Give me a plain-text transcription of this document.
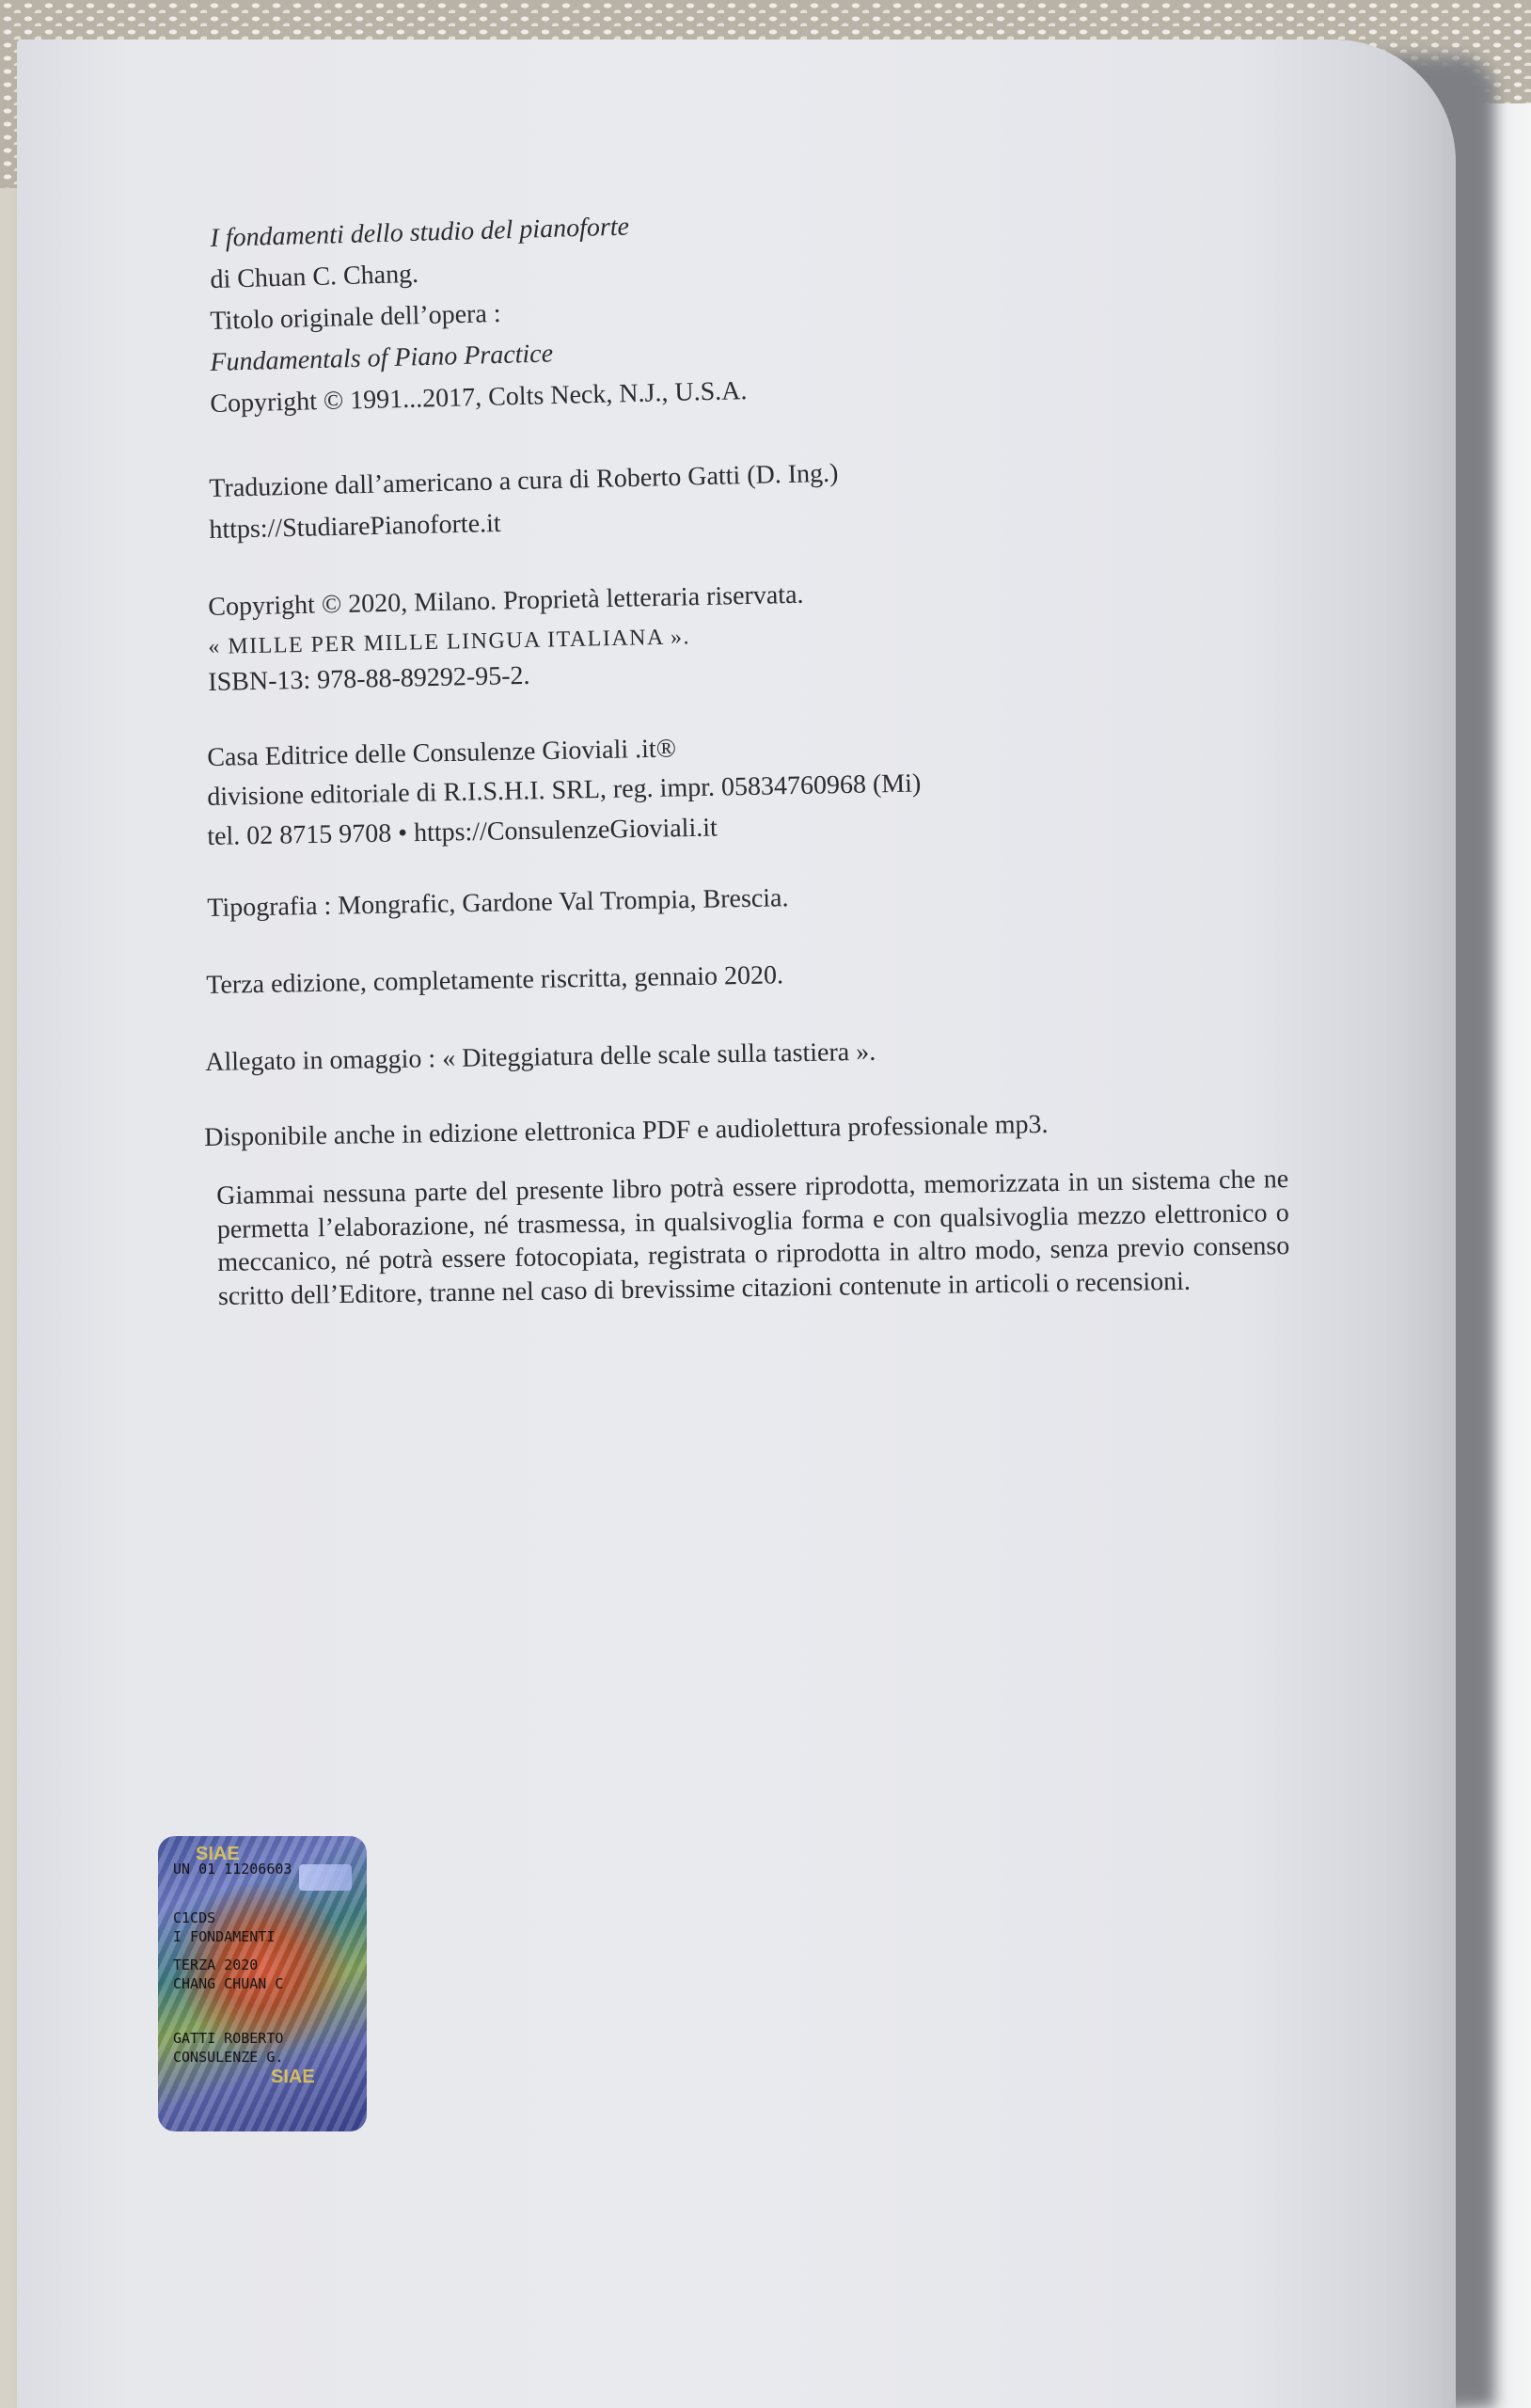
I fondamenti dello studio del pianoforte
di Chuan C. Chang.
Titolo originale dell’opera :
Fundamentals of Piano Practice
Copyright © 1991...2017, Colts Neck, N.J., U.S.A.
Traduzione dall’americano a cura di Roberto Gatti (D. Ing.)
https://StudiarePianoforte.it
Copyright © 2020, Milano. Proprietà letteraria riservata.
« MILLE PER MILLE LINGUA ITALIANA ».
ISBN-13: 978-88-89292-95-2.
Casa Editrice delle Consulenze Gioviali .it®
divisione editoriale di R.I.S.H.I. SRL, reg. impr. 05834760968 (Mi)
tel. 02 8715 9708 • https://ConsulenzeGioviali.it
Tipografia : Mongrafic, Gardone Val Trompia, Brescia.
Terza edizione, completamente riscritta, gennaio 2020.
Allegato in omaggio : « Diteggiatura delle scale sulla tastiera ».
Disponibile anche in edizione elettronica PDF e audiolettura professionale mp3.
Giammai nessuna parte del presente libro potrà essere riprodotta, memorizzata in un sistema che ne permetta l’elaborazione, né trasmessa, in qualsivoglia forma e con qualsivoglia mezzo elettronico o meccanico, né potrà essere fotocopiata, registrata o riprodotta in altro modo, senza previo consenso scritto dell’Editore, tranne nel caso di brevissime citazioni contenute in articoli o recensioni.
SIAE
SIAE
UN 01 11206603
C1CDS
I FONDAMENTI
TERZA 2020
CHANG CHUAN C
GATTI ROBERTO
CONSULENZE G.
